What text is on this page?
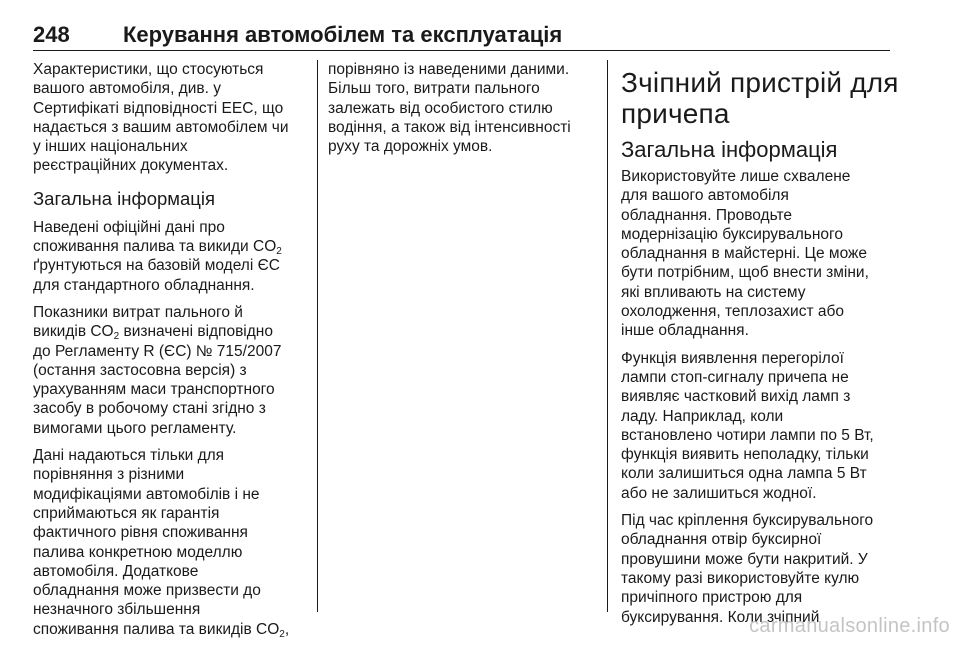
248 Керування автомобілем та експлуатація

Характеристики, що стосуються
вашого автомобіля, див. у
Сертифікаті відповідності ЕЕС, що
надається з вашим автомобілем чи
у інших національних
реєстраційних документах.

Загальна інформація

Наведені офіційні дані про
споживання палива та викиди $CO_2$
ґрунтуються на базовій моделі ЄС
для стандартного обладнання.

Показники витрат пального й
викидів $CO_2$ визначені відповідно
до Регламенту R (ЄС) № 715/2007
(остання застосовна версія) з
урахуванням маси транспортного
засобу в робочому стані згідно з
вимогами цього регламенту.

Дані надаються тільки для
порівняння з різними
модифікаціями автомобілів і не
сприймаються як гарантія
фактичного рівня споживання
палива конкретною моделлю
автомобіля. Додаткове
обладнання може призвести до
незначного збільшення
споживання палива та викидів $CO_2$,

порівняно із наведеними даними.
Більш того, витрати пального
залежать від особистого стилю
водіння, а також від інтенсивності
руху та дорожніх умов.

Зчіпний пристрій для
причепа
Загальна інформація

Використовуйте лише схвалене
для вашого автомобіля
обладнання. Проводьте
модернізацію буксирувального
обладнання в майстерні. Це може
бути потрібним, щоб внести зміни,
які впливають на систему
охолодження, теплозахист або
інше обладнання.

Функція виявлення перегорілої
лампи стоп-сигналу причепа не
виявляє частковий вихід ламп з
ладу. Наприклад, коли
встановлено чотири лампи по 5 Вт,
функція виявить неполадку, тільки
коли залишиться одна лампа 5 Вт
або не залишиться жодної.

Під час кріплення буксирувального
обладнання отвір буксирної
провушини може бути накритий. У
такому разі використовуйте кулю
причіпного пристрою для
буксирування. Коли зчіпний

carmanualsonline.info
